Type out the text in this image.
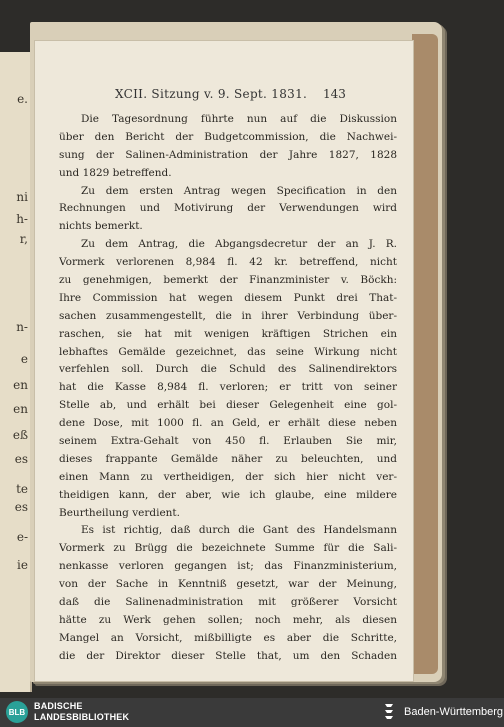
e.
ni
h-
r,
n-
e
en
en
eß
es
te
es
e-
ie
XCII. Sitzung v. 9. Sept. 1831. 143
Die Tagesordnung führte nun auf die Diskussion
über den Bericht der Budgetcommission, die Nachwei-
sung der Salinen-Administration der Jahre 1827, 1828
und 1829 betreffend.
Zu dem ersten Antrag wegen Specification in den
Rechnungen und Motivirung der Verwendungen wird
nichts bemerkt.
Zu dem Antrag, die Abgangsdecretur der an J. R.
Vormerk verlorenen 8,984 fl. 42 kr. betreffend, nicht
zu genehmigen, bemerkt der Finanzminister v. Böckh:
Ihre Commission hat wegen diesem Punkt drei That-
sachen zusammengestellt, die in ihrer Verbindung über-
raschen, sie hat mit wenigen kräftigen Strichen ein
lebhaftes Gemälde gezeichnet, das seine Wirkung nicht
verfehlen soll. Durch die Schuld des Salinendirektors
hat die Kasse 8,984 fl. verloren; er tritt von seiner
Stelle ab, und erhält bei dieser Gelegenheit eine gol-
dene Dose, mit 1000 fl. an Geld, er erhält diese neben
seinem Extra-Gehalt von 450 fl. Erlauben Sie mir,
dieses frappante Gemälde näher zu beleuchten, und
einen Mann zu vertheidigen, der sich hier nicht ver-
theidigen kann, der aber, wie ich glaube, eine mildere
Beurtheilung verdient.
Es ist richtig, daß durch die Gant des Handelsmann
Vormerk zu Brügg die bezeichnete Summe für die Sali-
nenkasse verloren gegangen ist; das Finanzministerium,
von der Sache in Kenntniß gesetzt, war der Meinung,
daß die Salinenadministration mit größerer Vorsicht
hätte zu Werk gehen sollen; noch mehr, als diesen
Mangel an Vorsicht, mißbilligte es aber die Schritte,
die der Direktor dieser Stelle that, um den Schaden
BLB
BADISCHE
LANDESBIBLIOTHEK	Baden-Württemberg
